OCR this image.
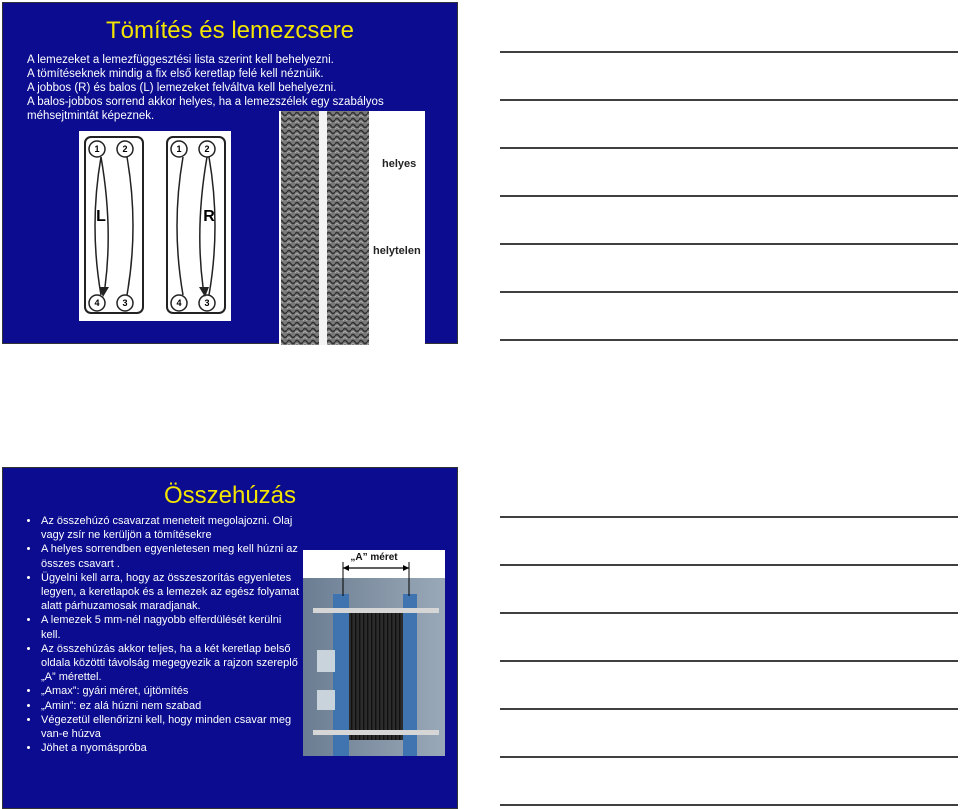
Tömítés és lemezcsere
A lemezeket a lemezfüggesztési lista szerint kell behelyezni.
A tömítéseknek mindig a fix első keretlap felé kell néznüik.
A jobbos (R) és balos (L) lemezeket felváltva kell behelyezni.
A balos-jobbos sorrend akkor helyes, ha a lemezszélek egy szabályos
méhsejtmintát képeznek.
1	2
4	3
L
1	2
4	3
R
helyes
helytelen
Összehúzás
Az összehúzó csavarzat meneteit megolajozni. Olaj vagy zsír ne kerüljön a tömítésekre
A helyes sorrendben egyenletesen meg kell húzni az összes csavart .
Ügyelni kell arra, hogy az összeszorítás egyenletes legyen, a keretlapok és a lemezek az egész folyamat alatt párhuzamosak maradjanak.
A lemezek 5 mm-nél nagyobb elferdülését kerülni kell.
Az összehúzás akkor teljes, ha a két keretlap belső oldala közötti távolság megegyezik a rajzon szereplő „A” mérettel.
„Amax”: gyári méret, újtömítés
„Amin”: ez alá húzni nem szabad
Végezetül ellenőrizni kell, hogy minden csavar meg van-e húzva
Jöhet a nyomáspróba
„A” méret
